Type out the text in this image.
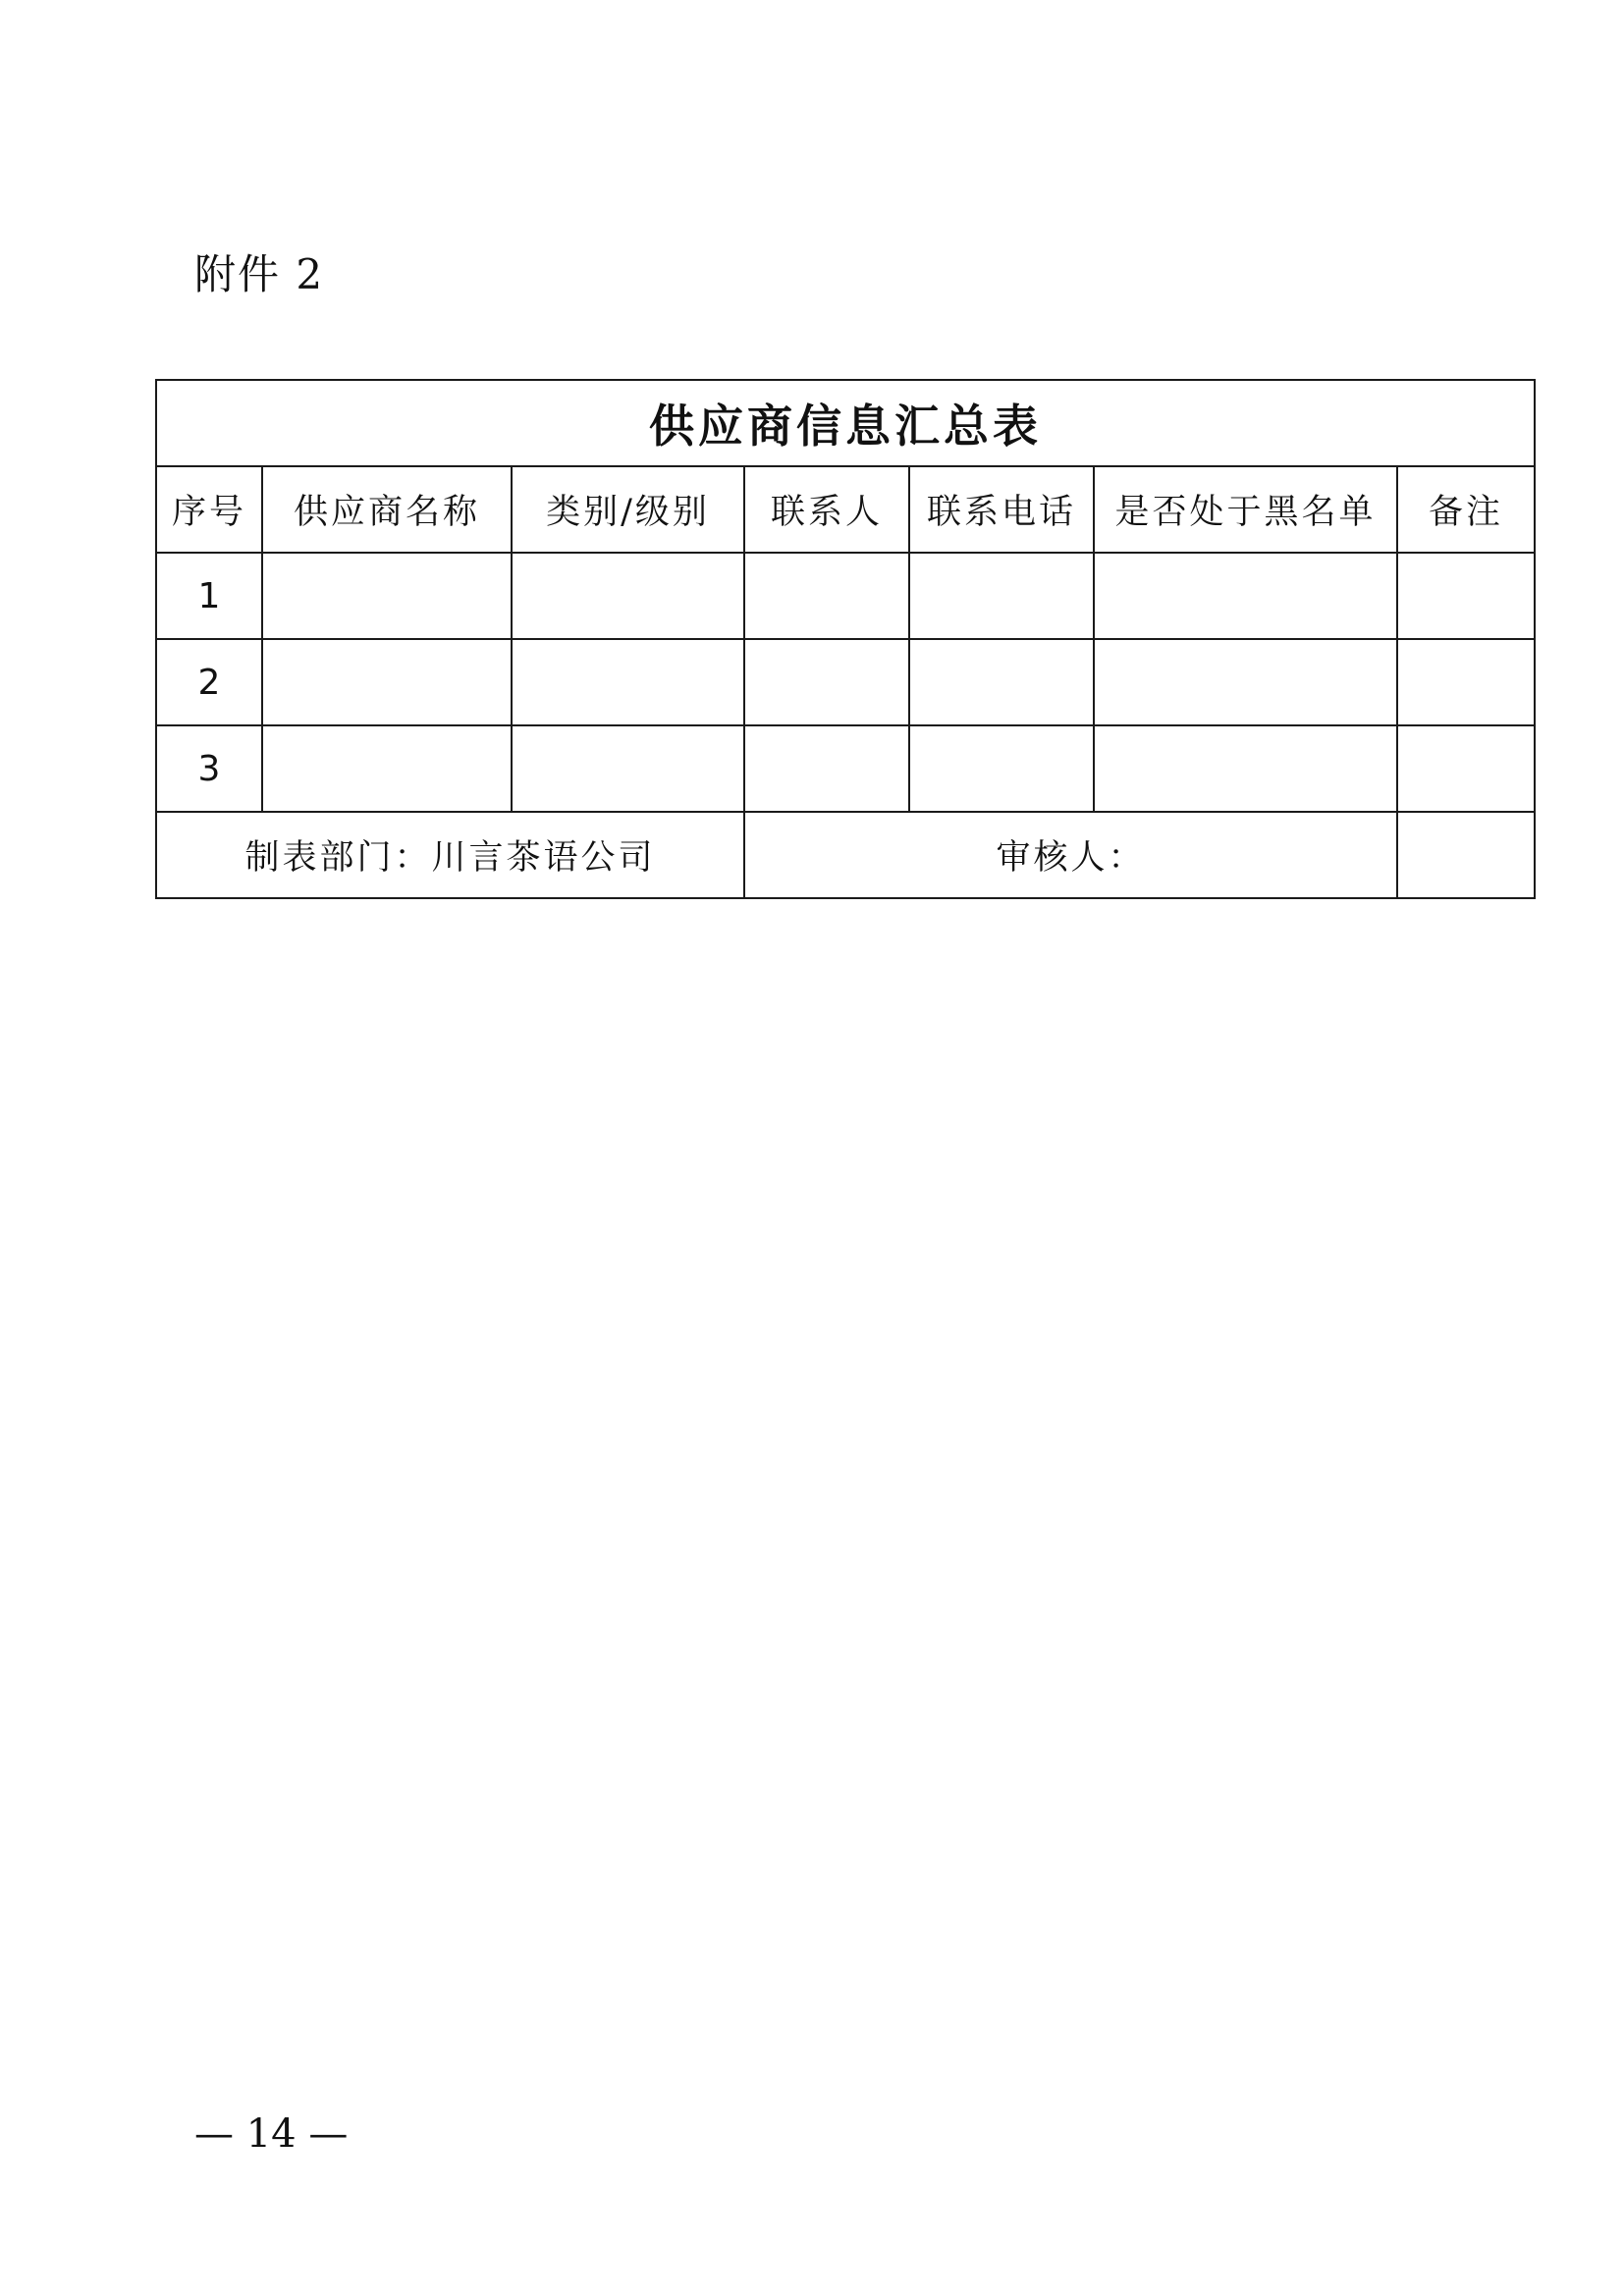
附件 2
供应商信息汇总表						
序号	供应商名称	类别/级别	联系人	联系电话	是否处于黑名单	备注
1						
2						
3						
制表部门：川言茶语公司			审核人：			
— 14 —
